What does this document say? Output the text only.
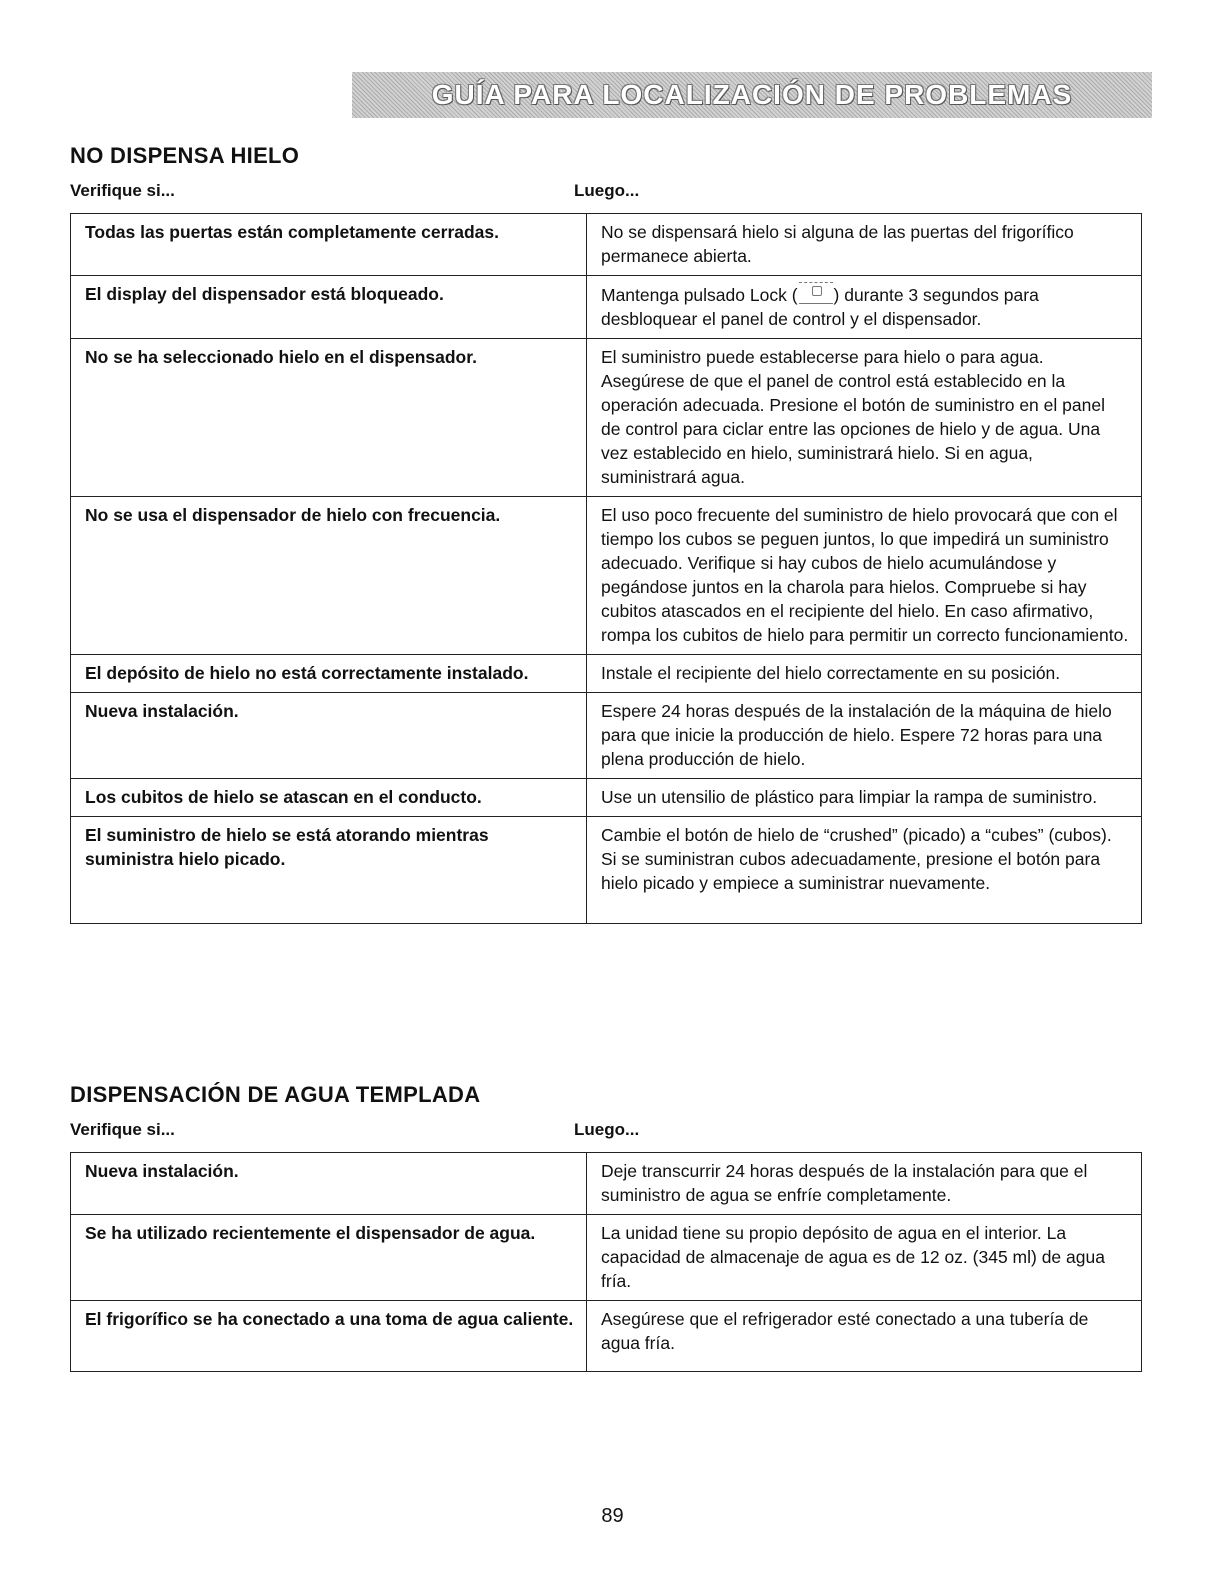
GUÍA PARA LOCALIZACIÓN DE PROBLEMAS
NO DISPENSA HIELO
Verifique si...	Luego...
Todas las puertas están completamente cerradas.	No se dispensará hielo si alguna de las puertas del frigorífico permanece abierta.
El display del dispensador está bloqueado.	Mantenga pulsado Lock ( ) durante 3 segundos para desbloquear el panel de control y el dispensador.
No se ha seleccionado hielo en el dispensador.	El suministro puede establecerse para hielo o para agua. Asegúrese de que el panel de control está establecido en la operación adecuada. Presione el botón de suministro en el panel de control para ciclar entre las opciones de hielo y de agua. Una vez establecido en hielo, suministrará hielo. Si en agua, suministrará agua.
No se usa el dispensador de hielo con frecuencia.	El uso poco frecuente del suministro de hielo provocará que con el tiempo los cubos se peguen juntos, lo que impedirá un suministro adecuado. Verifique si hay cubos de hielo acumulándose y pegándose juntos en la charola para hielos. Compruebe si hay cubitos atascados en el recipiente del hielo. En caso afirmativo, rompa los cubitos de hielo para permitir un correcto funcionamiento.
El depósito de hielo no está correctamente instalado.	Instale el recipiente del hielo correctamente en su posición.
Nueva instalación.	Espere 24 horas después de la instalación de la máquina de hielo para que inicie la producción de hielo. Espere 72 horas para una plena producción de hielo.
Los cubitos de hielo se atascan en el conducto.	Use un utensilio de plástico para limpiar la rampa de suministro.
El suministro de hielo se está atorando mientras suministra hielo picado.	Cambie el botón de hielo de “crushed” (picado) a “cubes” (cubos). Si se suministran cubos adecuadamente, presione el botón para hielo picado y empiece a suministrar nuevamente.
DISPENSACIÓN DE AGUA TEMPLADA
Verifique si...	Luego...
Nueva instalación.	Deje transcurrir 24 horas después de la instalación para que el suministro de agua se enfríe completamente.
Se ha utilizado recientemente el dispensador de agua.	La unidad tiene su propio depósito de agua en el interior. La capacidad de almacenaje de agua es de 12 oz. (345 ml) de agua fría.
El frigorífico se ha conectado a una toma de agua caliente.	Asegúrese que el refrigerador esté conectado a una tubería de agua fría.
89
